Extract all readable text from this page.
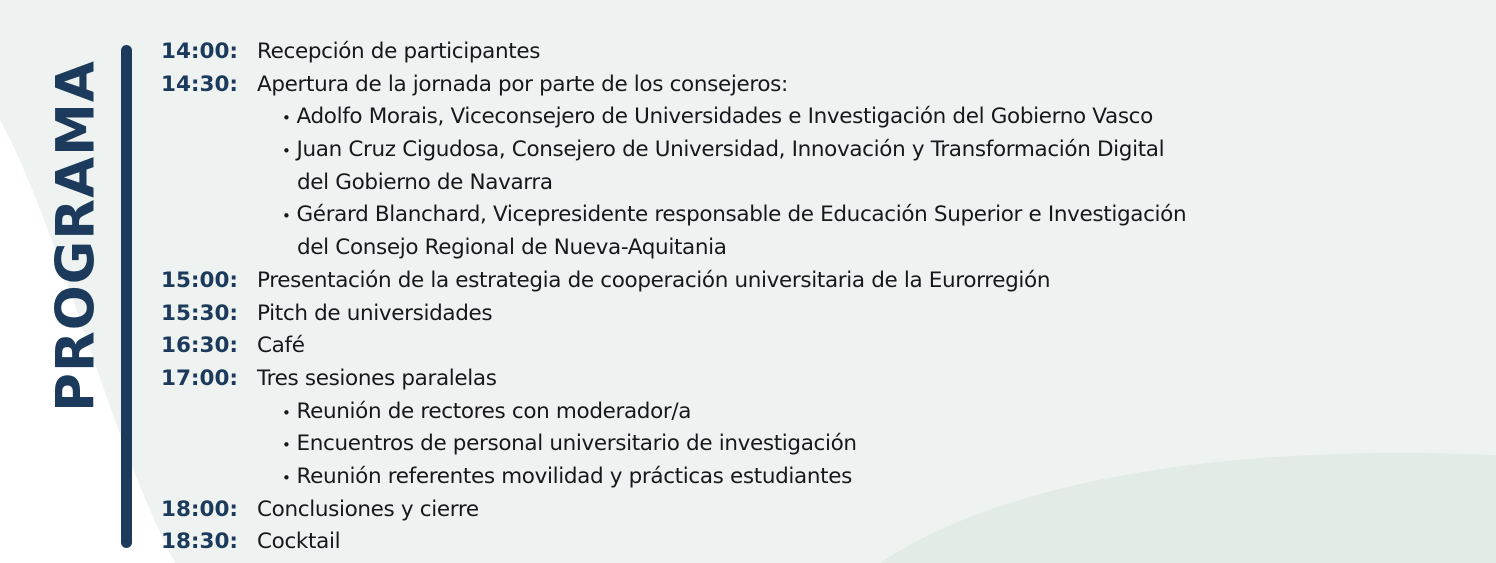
PROGRAMA
14:00: Recepción de participantes
14:30: Apertura de la jornada por parte de los consejeros:
• Adolfo Morais, Viceconsejero de Universidades e Investigación del Gobierno Vasco
• Juan Cruz Cigudosa, Consejero de Universidad, Innovación y Transformación Digital
del Gobierno de Navarra
• Gérard Blanchard, Vicepresidente responsable de Educación Superior e Investigación
del Consejo Regional de Nueva-Aquitania
15:00: Presentación de la estrategia de cooperación universitaria de la Eurorregión
15:30: Pitch de universidades
16:30: Café
17:00: Tres sesiones paralelas
• Reunión de rectores con moderador/a
• Encuentros de personal universitario de investigación
• Reunión referentes movilidad y prácticas estudiantes
18:00: Conclusiones y cierre
18:30: Cocktail
